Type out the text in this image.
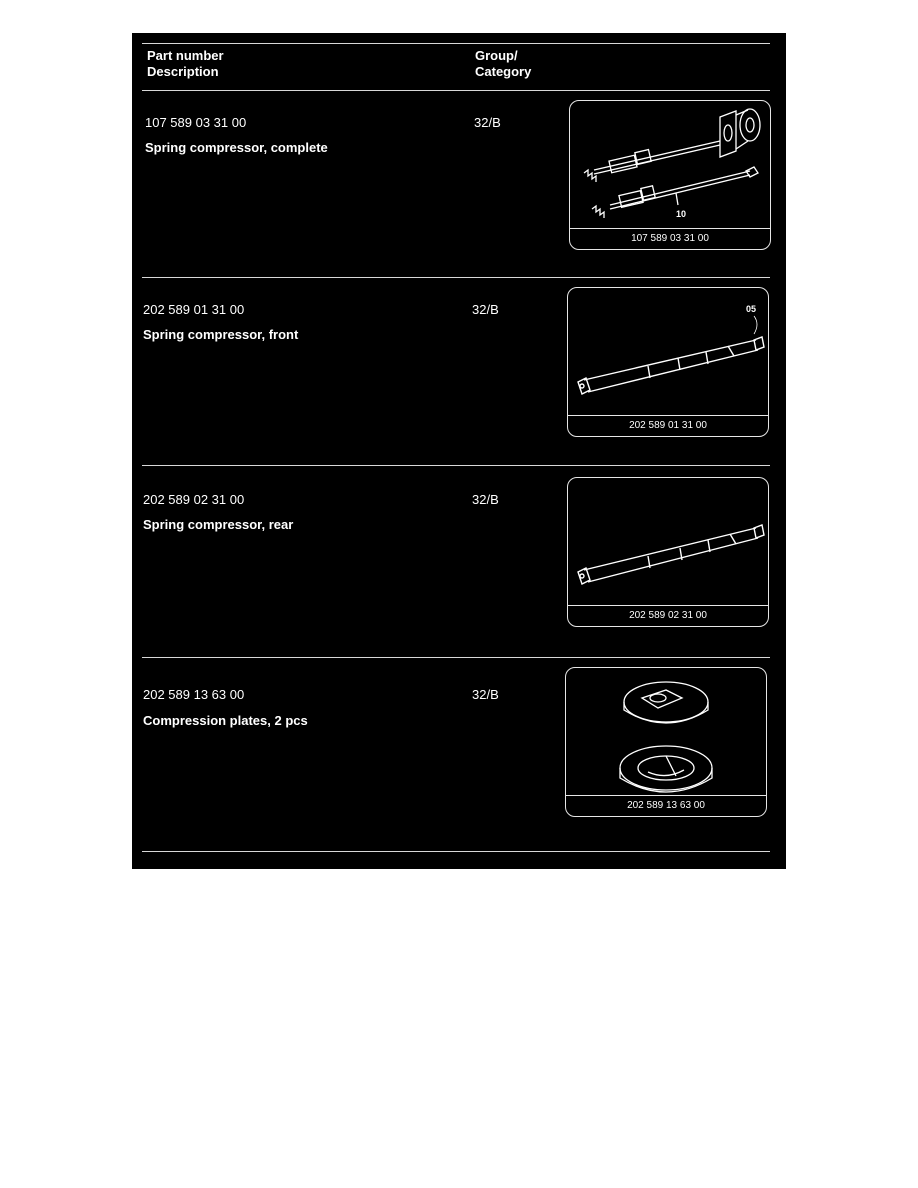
Part number
Description
Group/
Category
107 589 03 31 00
Spring compressor, complete
32/B
10
107 589 03 31 00
202 589 01 31 00
Spring compressor, front
32/B	05
202 589 01 31 00
202 589 02 31 00
Spring compressor, rear
32/B
202 589 02 31 00
202 589 13 63 00
Compression plates, 2 pcs
32/B
202 589 13 63 00
